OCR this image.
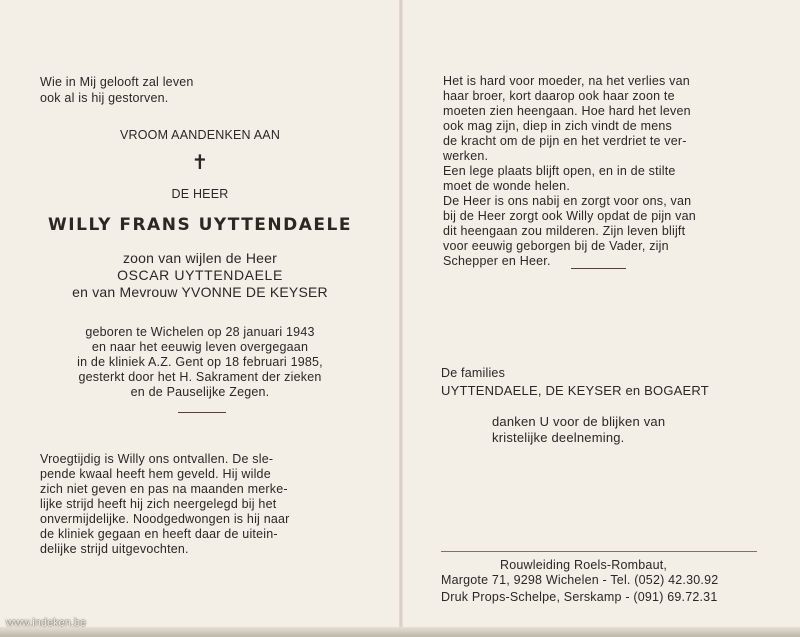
Wie in Mij gelooft zal leven
ook al is hij gestorven.
VROOM AANDENKEN AAN
✝
DE HEER
WILLY FRANS UYTTENDAELE
zoon van wijlen de Heer
OSCAR UYTTENDAELE
en van Mevrouw YVONNE DE KEYSER
geboren te Wichelen op 28 januari 1943
en naar het eeuwig leven overgegaan
in de kliniek A.Z. Gent op 18 februari 1985,
gesterkt door het H. Sakrament der zieken
en de Pauselijke Zegen.
Vroegtijdig is Willy ons ontvallen. De sle-
pende kwaal heeft hem geveld. Hij wilde
zich niet geven en pas na maanden merke-
lijke strijd heeft hij zich neergelegd bij het
onvermijdelijke. Noodgedwongen is hij naar
de kliniek gegaan en heeft daar de uitein-
delijke strijd uitgevochten.
Het is hard voor moeder, na het verlies van
haar broer, kort daarop ook haar zoon te
moeten zien heengaan. Hoe hard het leven
ook mag zijn, diep in zich vindt de mens
de kracht om de pijn en het verdriet te ver-
werken.
Een lege plaats blijft open, en in de stilte
moet de wonde helen.
De Heer is ons nabij en zorgt voor ons, van
bij de Heer zorgt ook Willy opdat de pijn van
dit heengaan zou milderen. Zijn leven blijft
voor eeuwig geborgen bij de Vader, zijn
Schepper en Heer.
De families
UYTTENDAELE, DE KEYSER en BOGAERT
danken U voor de blijken van
kristelijke deelneming.
Rouwleiding Roels-Rombaut,
Margote 71, 9298 Wichelen - Tel. (052) 42.30.92
Druk Props-Schelpe, Serskamp - (091) 69.72.31
www.indeken.be
